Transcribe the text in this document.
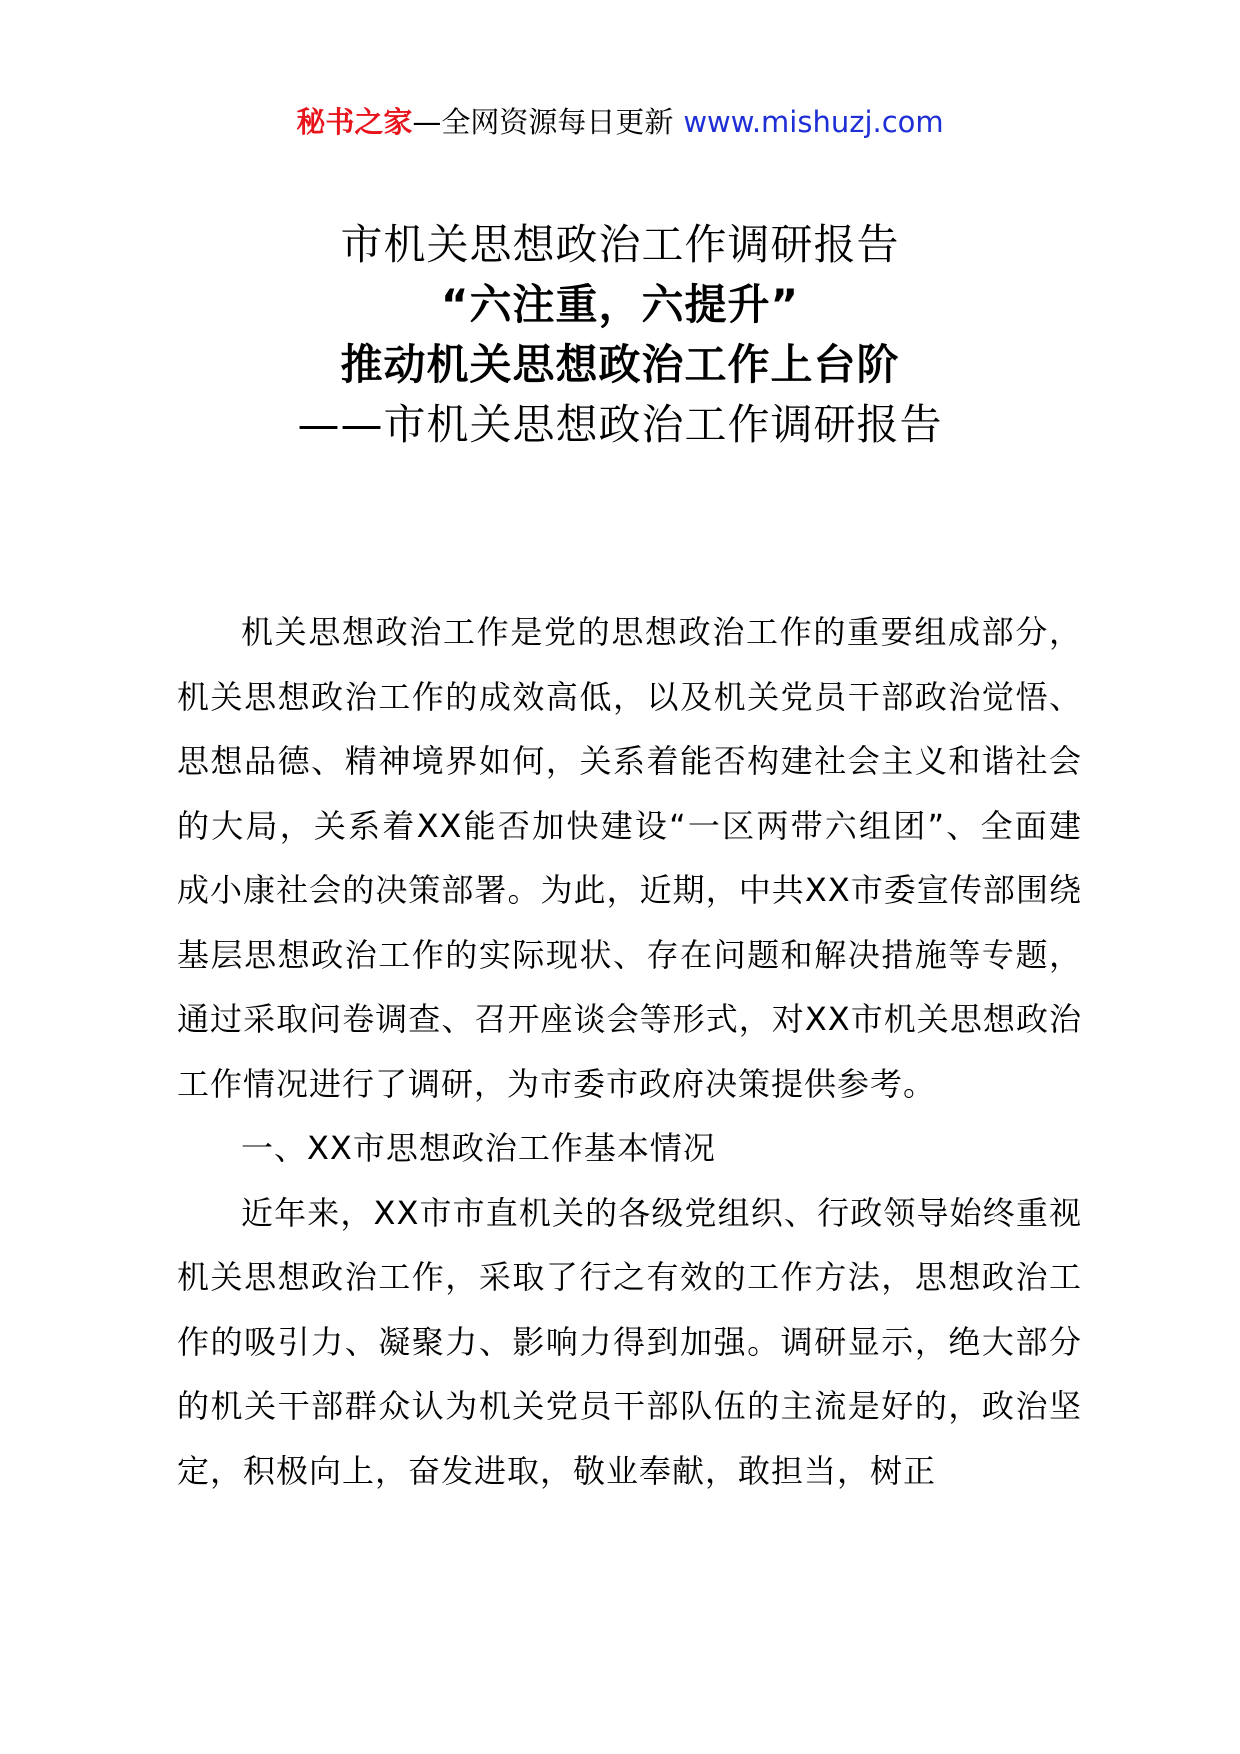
秘书之家—全网资源每日更新 www.mishuzj.com
市机关思想政治工作调研报告
“六注重，六提升”
推动机关思想政治工作上台阶
——市机关思想政治工作调研报告

机关思想政治工作是党的思想政治工作的重要组成部分，机关思想政治工作的成效高低，以及机关党员干部政治觉悟、思想品德、精神境界如何，关系着能否构建社会主义和谐社会的大局，关系着XX能否加快建设“一区两带六组团”、全面建成小康社会的决策部署。为此，近期，中共XX市委宣传部围绕基层思想政治工作的实际现状、存在问题和解决措施等专题，通过采取问卷调查、召开座谈会等形式，对XX市机关思想政治工作情况进行了调研，为市委市政府决策提供参考。

一、XX市思想政治工作基本情况

近年来，XX市市直机关的各级党组织、行政领导始终重视机关思想政治工作，采取了行之有效的工作方法，思想政治工作的吸引力、凝聚力、影响力得到加强。调研显示，绝大部分的机关干部群众认为机关党员干部队伍的主流是好的，政治坚定，积极向上，奋发进取，敬业奉献，敢担当，树正
